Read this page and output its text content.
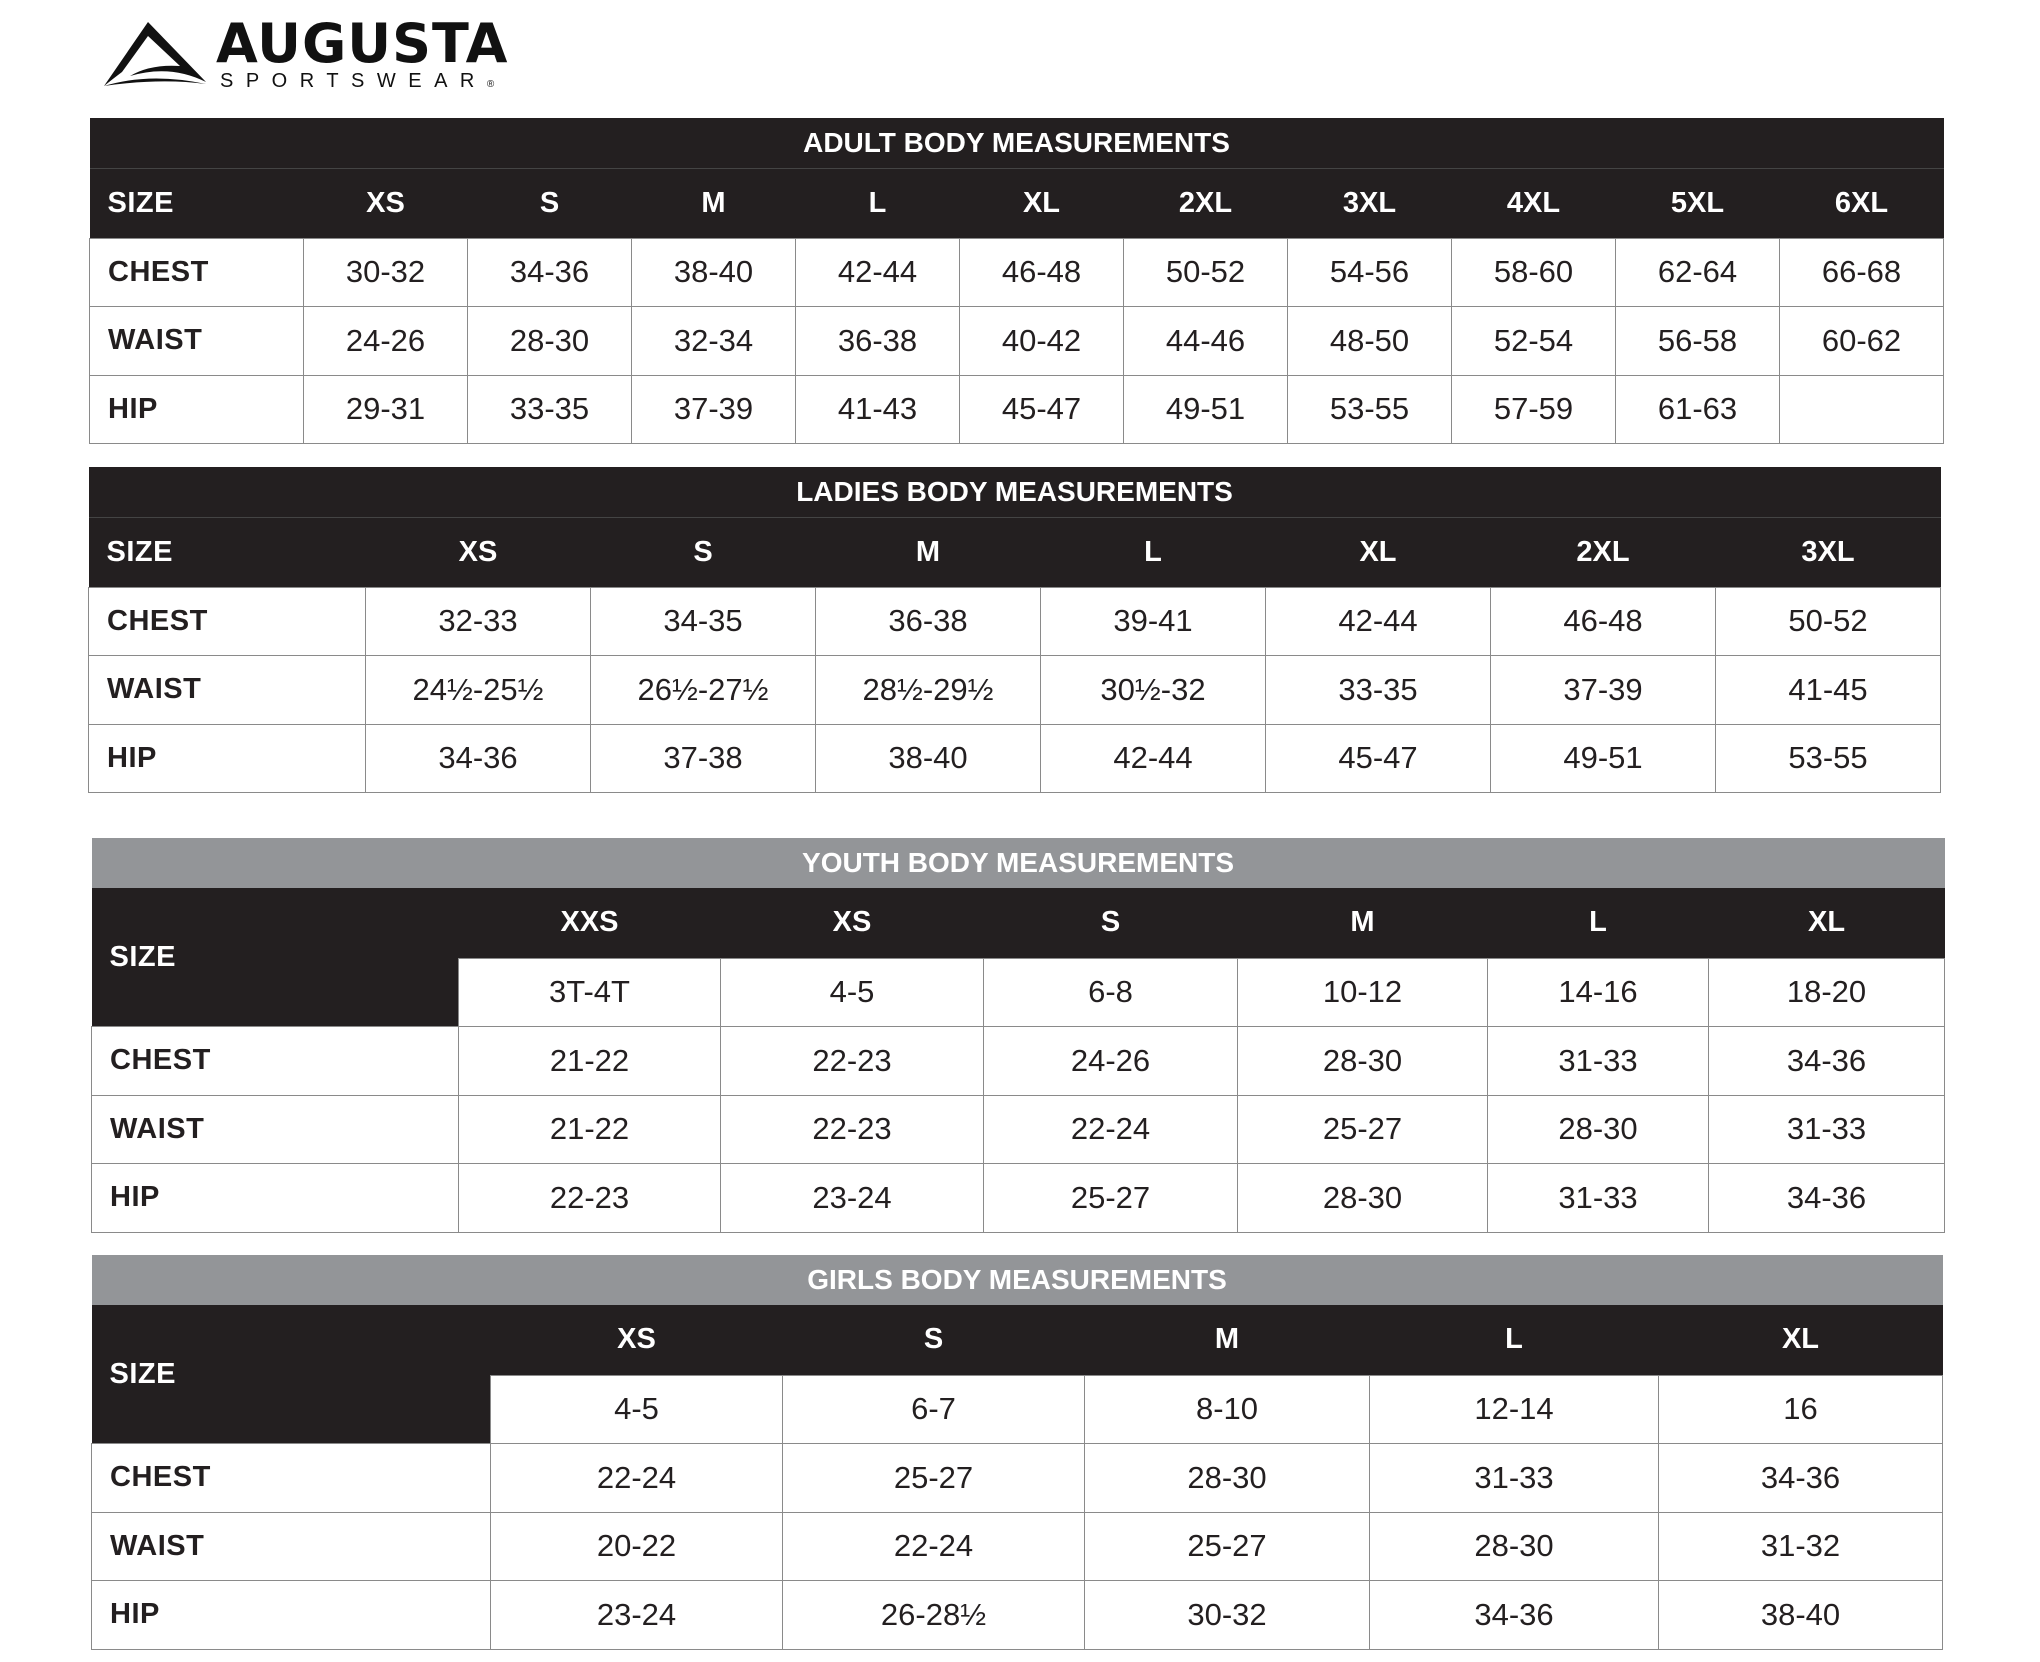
AUGUSTA
SPORTSWEAR®
ADULT BODY MEASUREMENTS										
SIZE	XS	S	M	L	XL	2XL	3XL	4XL	5XL	6XL
CHEST	30-32	34-36	38-40	42-44	46-48	50-52	54-56	58-60	62-64	66-68
WAIST	24-26	28-30	32-34	36-38	40-42	44-46	48-50	52-54	56-58	60-62
HIP	29-31	33-35	37-39	41-43	45-47	49-51	53-55	57-59	61-63	
LADIES BODY MEASUREMENTS							
SIZE	XS	S	M	L	XL	2XL	3XL
CHEST	32-33	34-35	36-38	39-41	42-44	46-48	50-52
WAIST	24½-25½	26½-27½	28½-29½	30½-32	33-35	37-39	41-45
HIP	34-36	37-38	38-40	42-44	45-47	49-51	53-55
YOUTH BODY MEASUREMENTS						
SIZE	XXS	XS	S	M	L	XL
	3T-4T	4-5	6-8	10-12	14-16	18-20
CHEST	21-22	22-23	24-26	28-30	31-33	34-36
WAIST	21-22	22-23	22-24	25-27	28-30	31-33
HIP	22-23	23-24	25-27	28-30	31-33	34-36
GIRLS BODY MEASUREMENTS					
SIZE	XS	S	M	L	XL
	4-5	6-7	8-10	12-14	16
CHEST	22-24	25-27	28-30	31-33	34-36
WAIST	20-22	22-24	25-27	28-30	31-32
HIP	23-24	26-28½	30-32	34-36	38-40
